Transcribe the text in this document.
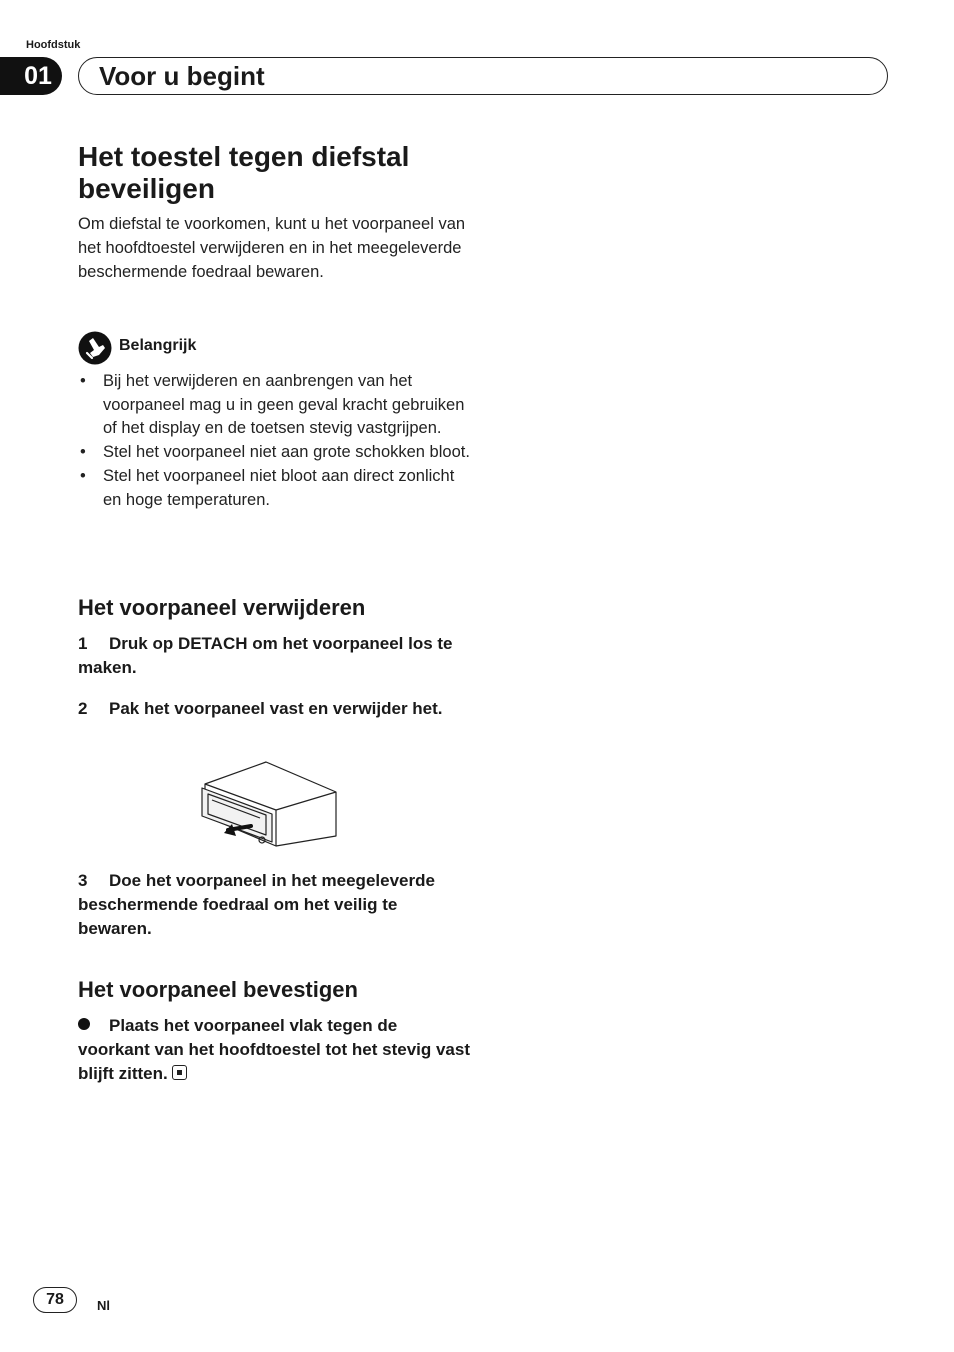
Hoofdstuk
01	Voor u begint
Het toestel tegen diefstal beveiligen
Om diefstal te voorkomen, kunt u het voorpaneel van het hoofdtoestel verwijderen en in het meegeleverde beschermende foedraal bewaren.
Belangrijk
• Bij het verwijderen en aanbrengen van het voorpaneel mag u in geen geval kracht gebruiken of het display en de toetsen stevig vastgrijpen.
• Stel het voorpaneel niet aan grote schokken bloot.
• Stel het voorpaneel niet bloot aan direct zonlicht en hoge temperaturen.
Het voorpaneel verwijderen
1 Druk op DETACH om het voorpaneel los te maken.
2 Pak het voorpaneel vast en verwijder het.
3 Doe het voorpaneel in het meegeleverde beschermende foedraal om het veilig te bewaren.
Het voorpaneel bevestigen
Plaats het voorpaneel vlak tegen de voorkant van het hoofdtoestel tot het stevig vast blijft zitten.
78	Nl
